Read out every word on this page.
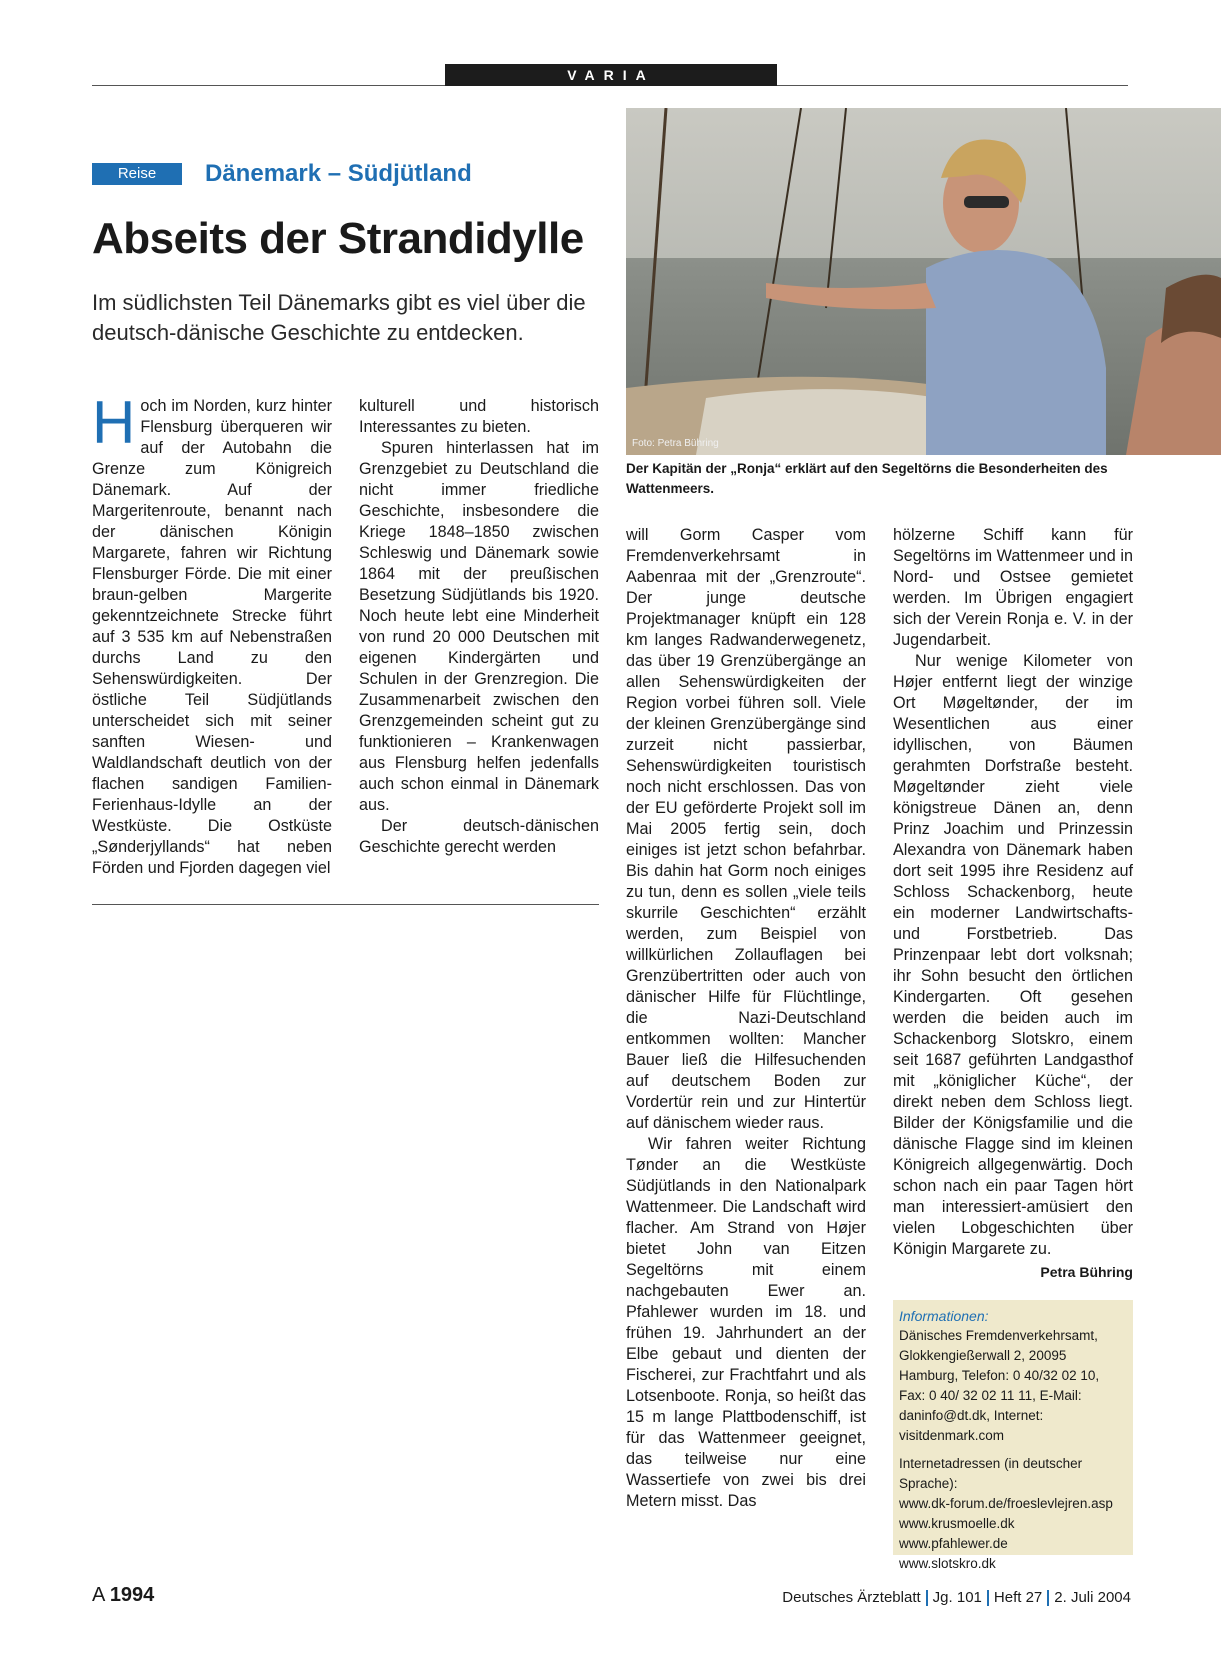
VARIA
Reise	Dänemark – Südjütland
Abseits der Strandidylle
Im südlichsten Teil Dänemarks gibt es viel über die deutsch-dänische Geschichte zu entdecken.
Foto: Petra Bühring
Der Kapitän der „Ronja“ erklärt auf den Segeltörns die Besonderheiten des Wattenmeers.

Hoch im Norden, kurz hinter Flensburg überqueren wir auf der Autobahn die Grenze zum Königreich Dänemark. Auf der Margeritenroute, benannt nach der dänischen Königin Margarete, fahren wir Richtung Flensburger Förde. Die mit einer braun-gelben Margerite gekenntzeichnete Strecke führt auf 3 535 km auf Nebenstraßen durchs Land zu den Sehenswürdigkeiten. Der östliche Teil Südjütlands unterscheidet sich mit seiner sanften Wiesen- und Waldlandschaft deutlich von der flachen sandigen Familien-Ferienhaus-Idylle an der Westküste. Die Ostküste „Sønderjyllands“ hat neben Förden und Fjorden dagegen viel

kulturell und historisch Interessantes zu bieten.

Spuren hinterlassen hat im Grenzgebiet zu Deutschland die nicht immer friedliche Geschichte, insbesondere die Kriege 1848–1850 zwischen Schleswig und Dänemark sowie 1864 mit der preußischen Besetzung Südjütlands bis 1920. Noch heute lebt eine Minderheit von rund 20 000 Deutschen mit eigenen Kindergärten und Schulen in der Grenzregion. Die Zusammenarbeit zwischen den Grenzgemeinden scheint gut zu funktionieren – Krankenwagen aus Flensburg helfen jedenfalls auch schon einmal in Dänemark aus.

Der deutsch-dänischen Geschichte gerecht werden

will Gorm Casper vom Fremdenverkehrsamt in Aabenraa mit der „Grenzroute“. Der junge deutsche Projektmanager knüpft ein 128 km langes Radwanderwegenetz, das über 19 Grenzübergänge an allen Sehenswürdigkeiten der Region vorbei führen soll. Viele der kleinen Grenzübergänge sind zurzeit nicht passierbar, Sehenswürdigkeiten touristisch noch nicht erschlossen. Das von der EU geförderte Projekt soll im Mai 2005 fertig sein, doch einiges ist jetzt schon befahrbar. Bis dahin hat Gorm noch einiges zu tun, denn es sollen „viele teils skurrile Geschichten“ erzählt werden, zum Beispiel von willkürlichen Zollauflagen bei Grenzübertritten oder auch von dänischer Hilfe für Flüchtlinge, die Nazi-Deutschland entkommen wollten: Mancher Bauer ließ die Hilfesuchenden auf deutschem Boden zur Vordertür rein und zur Hintertür auf dänischem wieder raus.

Wir fahren weiter Richtung Tønder an die Westküste Südjütlands in den Nationalpark Wattenmeer. Die Landschaft wird flacher. Am Strand von Højer bietet John van Eitzen Segeltörns mit einem nachgebauten Ewer an. Pfahlewer wurden im 18. und frühen 19. Jahrhundert an der Elbe gebaut und dienten der Fischerei, zur Frachtfahrt und als Lotsenboote. Ronja, so heißt das 15 m lange Plattbodenschiff, ist für das Wattenmeer geeignet, das teilweise nur eine Wassertiefe von zwei bis drei Metern misst. Das

hölzerne Schiff kann für Segeltörns im Wattenmeer und in Nord- und Ostsee gemietet werden. Im Übrigen engagiert sich der Verein Ronja e. V. in der Jugendarbeit.

Nur wenige Kilometer von Højer entfernt liegt der winzige Ort Møgeltønder, der im Wesentlichen aus einer idyllischen, von Bäumen gerahmten Dorfstraße besteht. Møgeltønder zieht viele königstreue Dänen an, denn Prinz Joachim und Prinzessin Alexandra von Dänemark haben dort seit 1995 ihre Residenz auf Schloss Schackenborg, heute ein moderner Landwirtschafts- und Forstbetrieb. Das Prinzenpaar lebt dort volksnah; ihr Sohn besucht den örtlichen Kindergarten. Oft gesehen werden die beiden auch im Schackenborg Slotskro, einem seit 1687 geführten Landgasthof mit „königlicher Küche“, der direkt neben dem Schloss liegt. Bilder der Königsfamilie und die dänische Flagge sind im kleinen Königreich allgegenwärtig. Doch schon nach ein paar Tagen hört man interessiert-amüsiert den vielen Lobgeschichten über Königin Margarete zu.
Petra Bühring

Informationen:

Dänisches Fremdenverkehrsamt, Glokkengießerwall 2, 20095 Hamburg, Telefon: 0 40/32 02 10, Fax: 0 40/ 32 02 11 11, E-Mail: daninfo@dt.dk, Internet: visitdenmark.com

Internetadressen (in deutscher Sprache):

www.dk-forum.de/froeslevlejren.asp
www.krusmoelle.dk
www.pfahlewer.de
www.slotskro.dk
A 1994	Deutsches Ärzteblatt Jg. 101 Heft 27 2. Juli 2004
